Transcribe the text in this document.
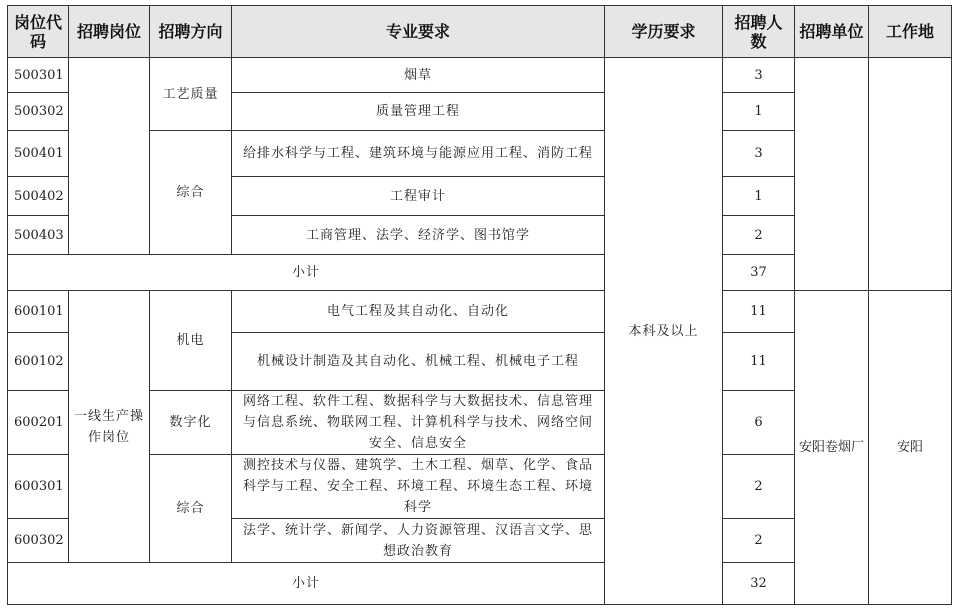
岗位代码	招聘岗位	招聘方向	专业要求	学历要求	招聘人数	招聘单位	工作地
500301		工艺质量	烟草	本科及以上	3		
500302			质量管理工程		1		
500401		综合	给排水科学与工程、建筑环境与能源应用工程、消防工程		3		
500402			工程审计		1		
500403			工商管理、法学、经济学、图书馆学		2		
小计					37		
600101	一线生产操作岗位	机电	电气工程及其自动化、自动化		11	安阳卷烟厂	安阳
600102			机械设计制造及其自动化、机械工程、机械电子工程		11		
600201		数字化	网络工程、软件工程、数据科学与大数据技术、信息管理与信息系统、物联网工程、计算机科学与技术、网络空间安全、信息安全		6		
600301		综合	测控技术与仪器、建筑学、土木工程、烟草、化学、食品科学与工程、安全工程、环境工程、环境生态工程、环境科学		2		
600302			法学、统计学、新闻学、人力资源管理、汉语言文学、思想政治教育		2		
小计					32		
